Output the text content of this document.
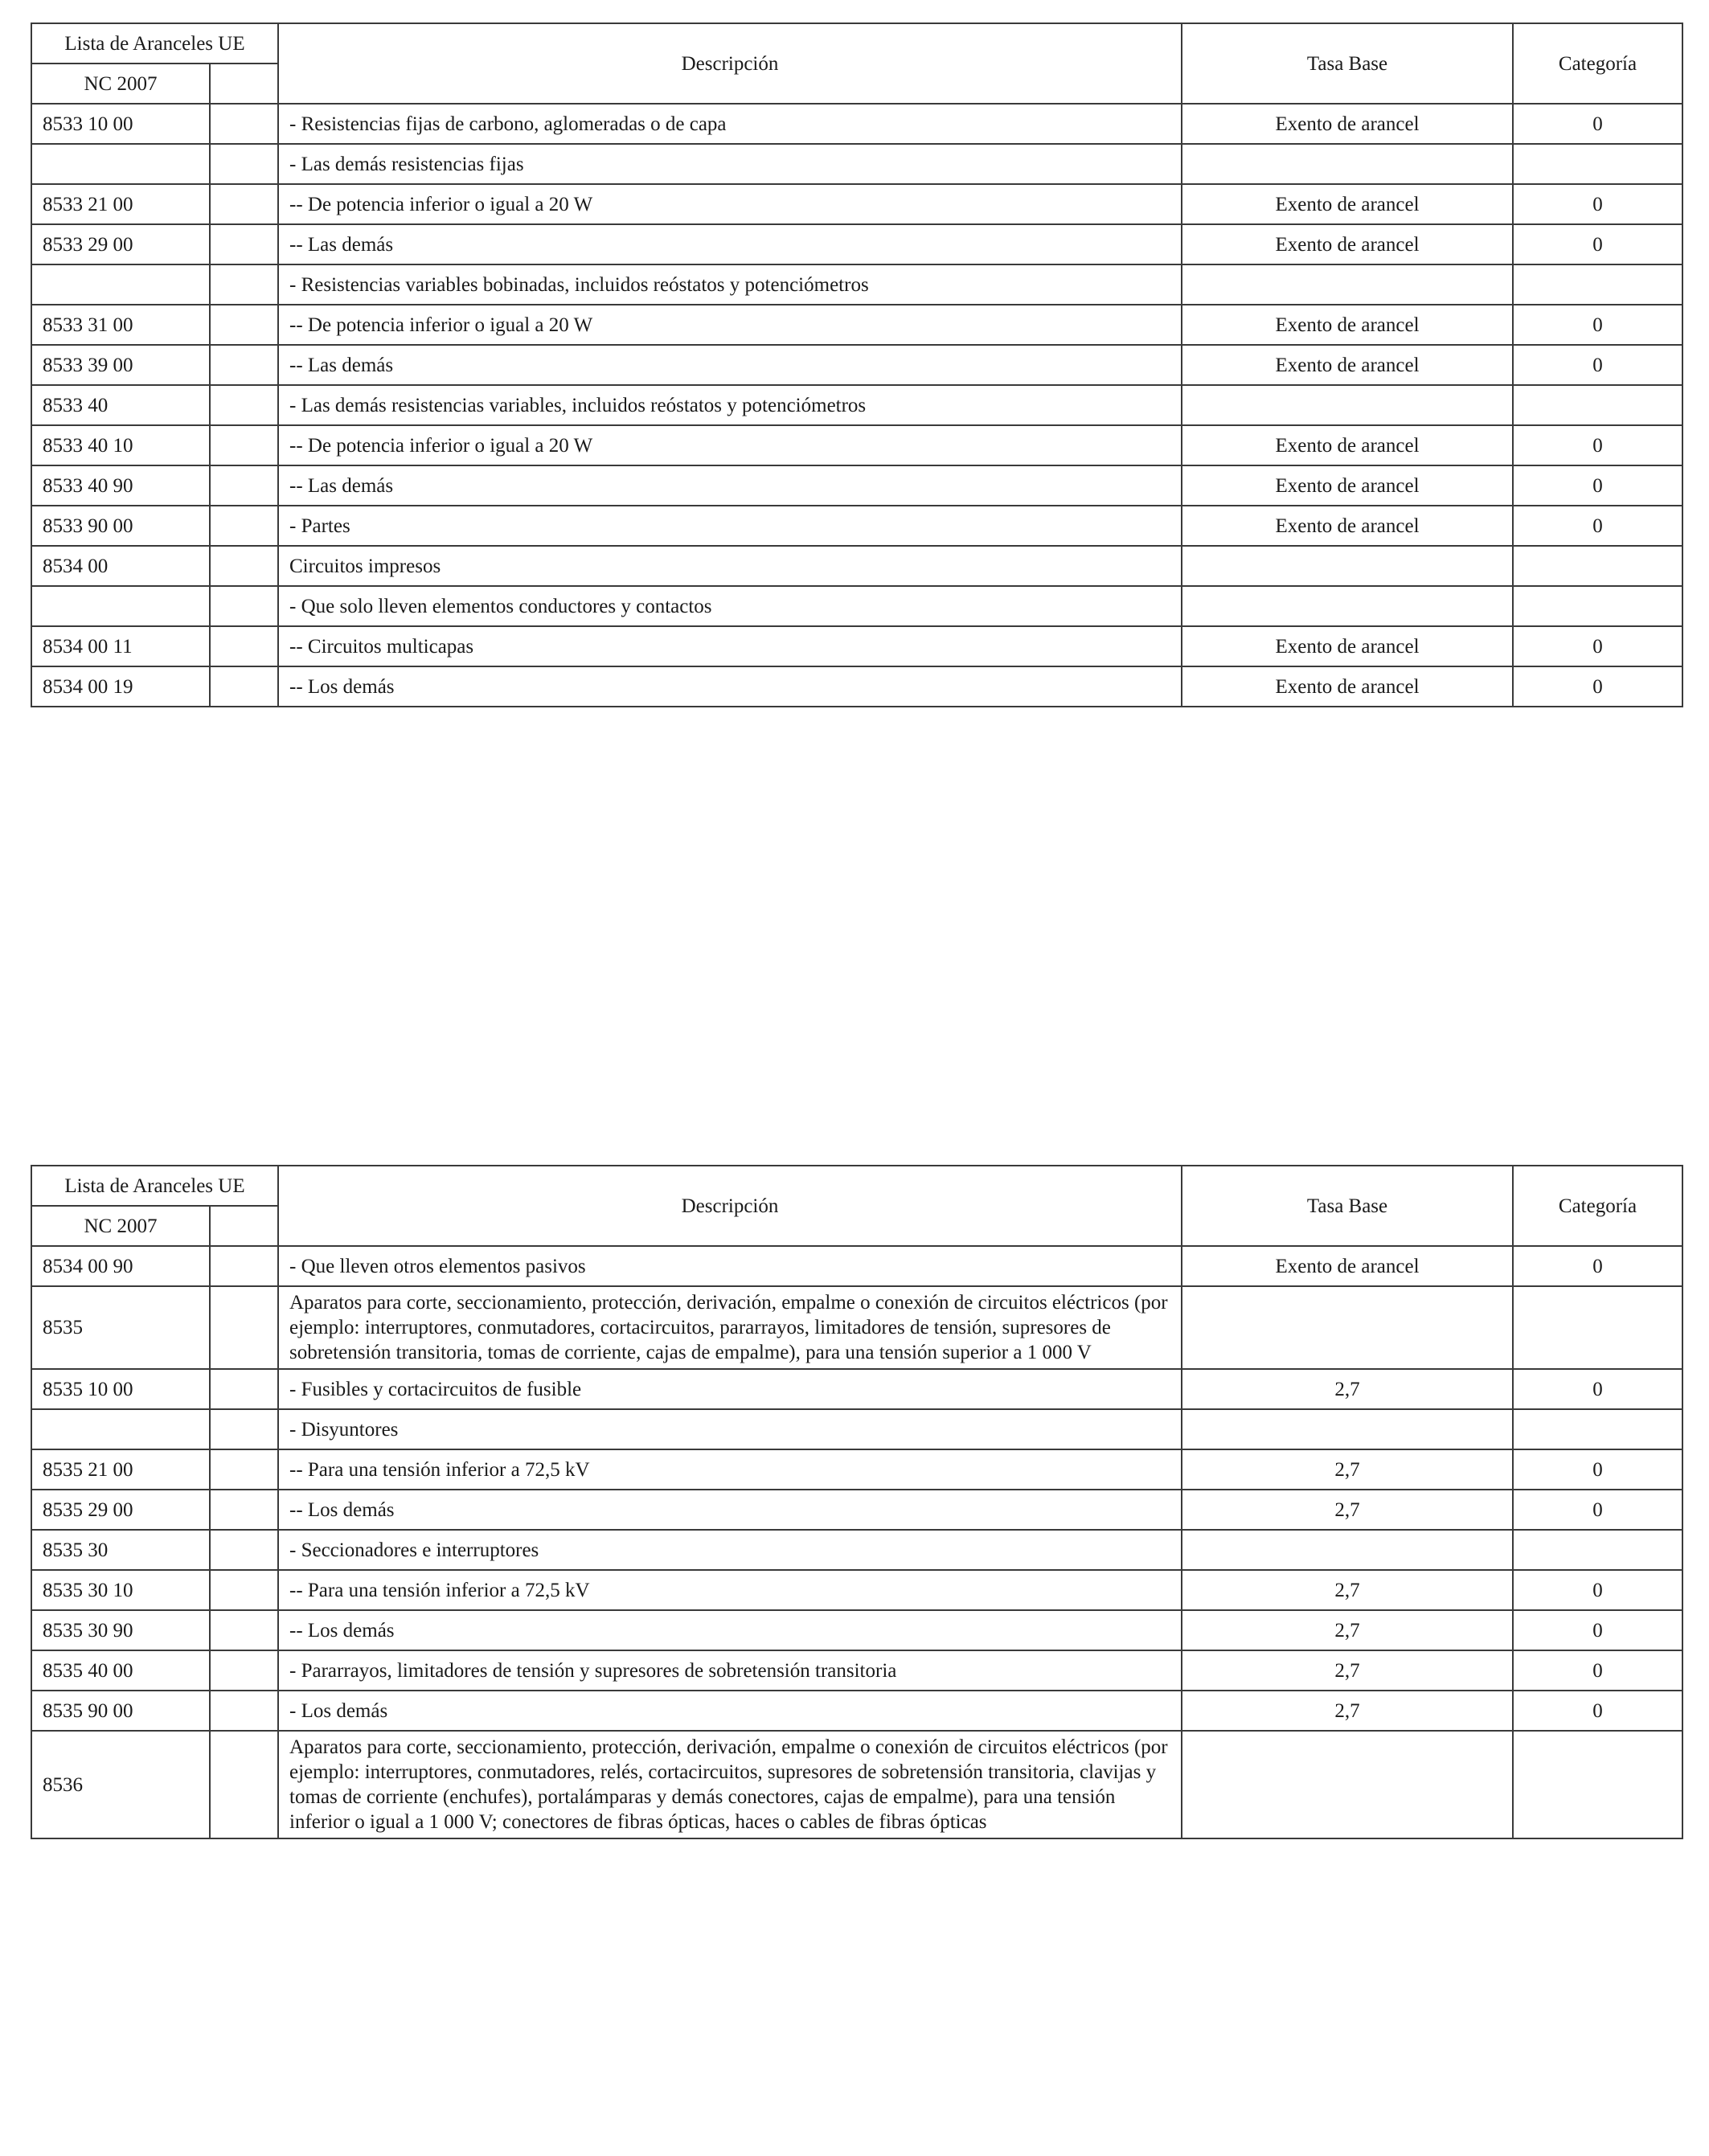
Lista de Aranceles UE		Descripción	Tasa Base	Categoría
NC 2007				
8533 10 00		- Resistencias fijas de carbono, aglomeradas o de capa	Exento de arancel	0
		- Las demás resistencias fijas		
8533 21 00		-- De potencia inferior o igual a 20 W	Exento de arancel	0
8533 29 00		-- Las demás	Exento de arancel	0
		- Resistencias variables bobinadas, incluidos reóstatos y potenciómetros		
8533 31 00		-- De potencia inferior o igual a 20 W	Exento de arancel	0
8533 39 00		-- Las demás	Exento de arancel	0
8533 40		- Las demás resistencias variables, incluidos reóstatos y potenciómetros		
8533 40 10		-- De potencia inferior o igual a 20 W	Exento de arancel	0
8533 40 90		-- Las demás	Exento de arancel	0
8533 90 00		- Partes	Exento de arancel	0
8534 00		Circuitos impresos		
		- Que solo lleven elementos conductores y contactos		
8534 00 11		-- Circuitos multicapas	Exento de arancel	0
8534 00 19		-- Los demás	Exento de arancel	0
Lista de Aranceles UE		Descripción	Tasa Base	Categoría
NC 2007				
8534 00 90		- Que lleven otros elementos pasivos	Exento de arancel	0
8535		Aparatos para corte, seccionamiento, protección, derivación, empalme o conexión de circuitos eléctricos (por ejemplo: interruptores, conmutadores, cortacircuitos, pararrayos, limitadores de tensión, supresores de sobretensión transitoria, tomas de corriente, cajas de empalme), para una tensión superior a 1 000 V		
8535 10 00		- Fusibles y cortacircuitos de fusible	2,7	0
		- Disyuntores		
8535 21 00		-- Para una tensión inferior a 72,5 kV	2,7	0
8535 29 00		-- Los demás	2,7	0
8535 30		- Seccionadores e interruptores		
8535 30 10		-- Para una tensión inferior a 72,5 kV	2,7	0
8535 30 90		-- Los demás	2,7	0
8535 40 00		- Pararrayos, limitadores de tensión y supresores de sobretensión transitoria	2,7	0
8535 90 00		- Los demás	2,7	0
8536		Aparatos para corte, seccionamiento, protección, derivación, empalme o conexión de circuitos eléctricos (por ejemplo: interruptores, conmutadores, relés, cortacircuitos, supresores de sobretensión transitoria, clavijas y tomas de corriente (enchufes), portalámparas y demás conectores, cajas de empalme), para una tensión inferior o igual a 1 000 V; conectores de fibras ópticas, haces o cables de fibras ópticas		
